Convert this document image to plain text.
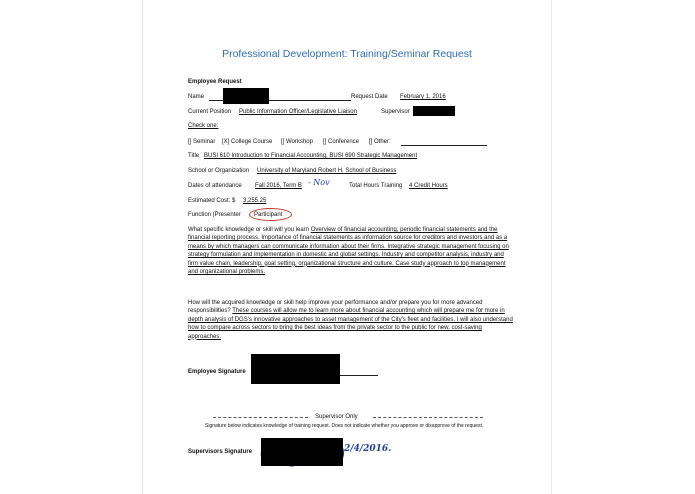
Professional Development: Training/Seminar Request
Employee Request
Name	Request Date February 1, 2016
Current Position Public Information Officer/Legislative Liaison	Supervisor
Check one:
[] Seminar [X] College Course [] Workshop [] Conference [] Other:
Title BUSI 610 Introduction to Financial Accounting, BUSI 690 Strategic Management
School or Organization University of Maryland Robert H. School of Business
Dates of attendance Fall 2016, Term B - Nov	Total Hours Training 4 Credit Hours
Estimated Cost: $ 3,255.25
Function (Presenter Participant
What specific knowledge or skill will you learn Overview of financial accounting, periodic financial statements and the financial reporting process. Importance of financial statements as information source for creditors and investors and as a means by which managers can communicate information about their firms. Integrative strategic management focusing on strategy formulation and implementation in domestic and global settings. Industry and competitor analysis, industry and firm value chain, leadership, goal setting, organizational structure and culture. Case study approach to top management and organizational problems.
How will the acquired knowledge or skill help improve your performance and/or prepare you for more advanced responsibilities? These courses will allow me to learn more about financial accounting which will prepare me for more in depth analysis of DGS's innovative approaches to asset management of the City's fleet and facilities. I will also understand how to compare across sectors to bring the best ideas from the private sector to the public for new, cost-saving approaches.
Employee Signature
Supervisor Only
Signature below indicates knowledge of training request. Does not indicate whether you approve or disapprove of the request.
Supervisors Signature	2/4/2016.
